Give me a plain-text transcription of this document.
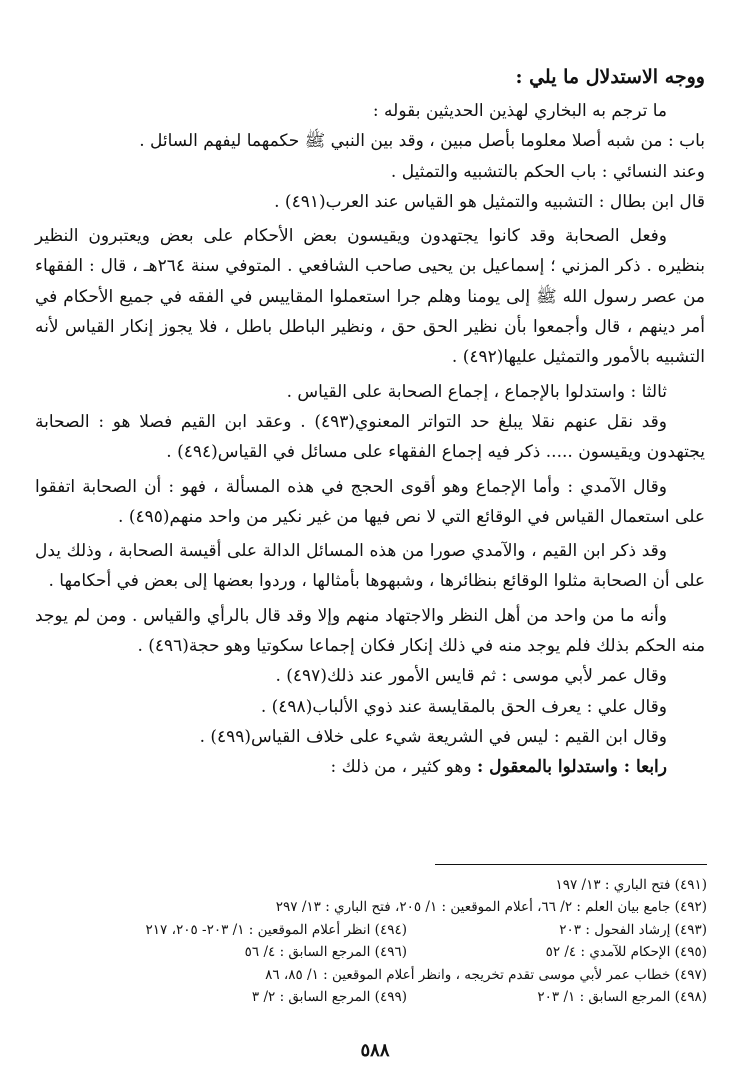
ووجه الاستدلال ما يلي :

ما ترجم به البخاري لهذين الحديثين بقوله :

باب : من شبه أصلا معلوما بأصل مبين ، وقد بين النبي ﷺ حكمهما ليفهم السائل .

وعند النسائي : باب الحكم بالتشبيه والتمثيل .

قال ابن بطال : التشبيه والتمثيل هو القياس عند العرب(٤٩١) .

وفعل الصحابة وقد كانوا يجتهدون ويقيسون بعض الأحكام على بعض ويعتبرون النظير بنظيره . ذكر المزني ؛ إسماعيل بن يحيى صاحب الشافعي . المتوفي سنة ٢٦٤هـ ، قال : الفقهاء من عصر رسول الله ﷺ إلى يومنا وهلم جرا استعملوا المقاييس في الفقه في جميع الأحكام في أمر دينهم ، قال وأجمعوا بأن نظير الحق حق ، ونظير الباطل باطل ، فلا يجوز إنكار القياس لأنه التشبيه بالأمور والتمثيل عليها(٤٩٢) .

ثالثا : واستدلوا بالإجماع ، إجماع الصحابة على القياس .

وقد نقل عنهم نقلا يبلغ حد التواتر المعنوي(٤٩٣) . وعقد ابن القيم فصلا هو : الصحابة يجتهدون ويقيسون ..... ذكر فيه إجماع الفقهاء على مسائل في القياس(٤٩٤) .

وقال الآمدي : وأما الإجماع وهو أقوى الحجج في هذه المسألة ، فهو : أن الصحابة اتفقوا على استعمال القياس في الوقائع التي لا نص فيها من غير نكير من واحد منهم(٤٩٥) .

وقد ذكر ابن القيم ، والآمدي صورا من هذه المسائل الدالة على أقيسة الصحابة ، وذلك يدل على أن الصحابة مثلوا الوقائع بنظائرها ، وشبهوها بأمثالها ، وردوا بعضها إلى بعض في أحكامها .

وأنه ما من واحد من أهل النظر والاجتهاد منهم وإلا وقد قال بالرأي والقياس . ومن لم يوجد منه الحكم بذلك فلم يوجد منه في ذلك إنكار فكان إجماعا سكوتيا وهو حجة(٤٩٦) .

وقال عمر لأبي موسى : ثم قايس الأمور عند ذلك(٤٩٧) .

وقال علي : يعرف الحق بالمقايسة عند ذوي الألباب(٤٩٨) .

وقال ابن القيم : ليس في الشريعة شيء على خلاف القياس(٤٩٩) .

رابعا : واستدلوا بالمعقول : وهو كثير ، من ذلك :

(٤٩١) فتح الباري : ١٣/ ١٩٧
(٤٩٢) جامع بيان العلم : ٢/ ٦٦، أعلام الموقعين : ١/ ٢٠٥، فتح الباري : ١٣/ ٢٩٧
(٤٩٣) إرشاد الفحول : ٢٠٣
(٤٩٤) انظر أعلام الموقعين : ١/ ٢٠٣- ٢٠٥، ٢١٧
(٤٩٥) الإحكام للآمدي : ٤/ ٥٢
(٤٩٦) المرجع السابق : ٤/ ٥٦
(٤٩٧) خطاب عمر لأبي موسى تقدم تخريجه ، وانظر أعلام الموقعين : ١/ ٨٥، ٨٦
(٤٩٨) المرجع السابق : ١/ ٢٠٣
(٤٩٩) المرجع السابق : ٢/ ٣
٥٨٨
